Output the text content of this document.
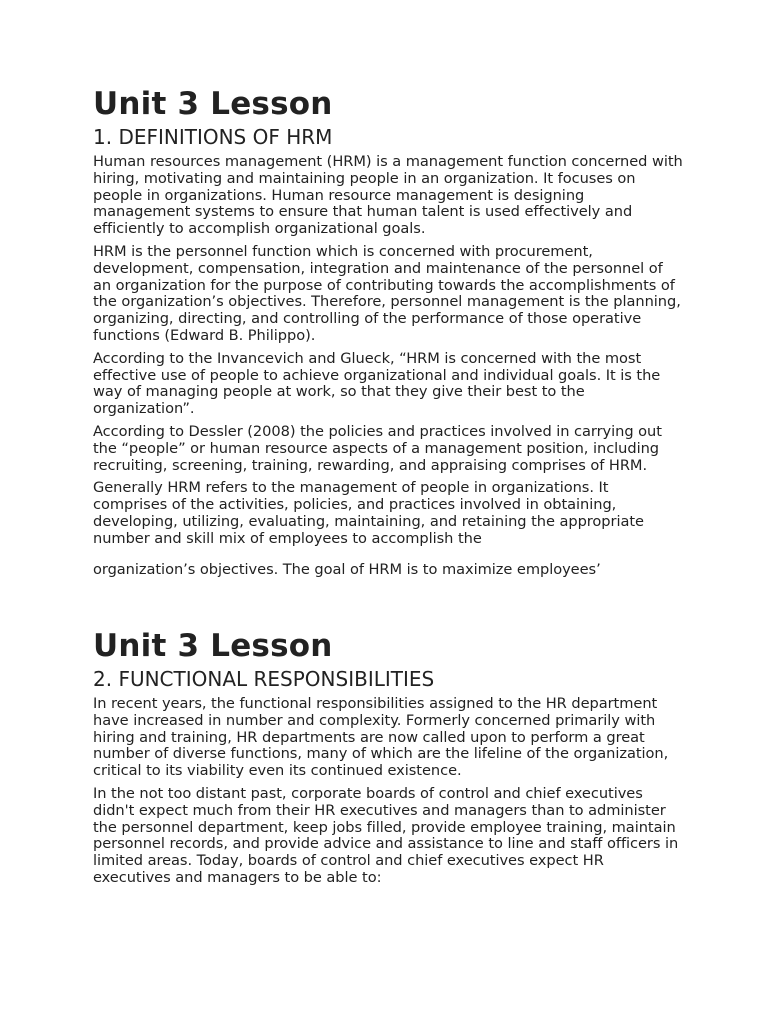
Unit 3 Lesson
1. DEFINITIONS OF HRM

Human resources management (HRM) is a management function concerned with hiring, motivating and maintaining people in an organization. It focuses on people in organizations. Human resource management is designing management systems to ensure that human talent is used effectively and efficiently to accomplish organizational goals.

HRM is the personnel function which is concerned with procurement, development, compensation, integration and maintenance of the personnel of an organization for the purpose of contributing towards the accomplishments of the organization’s objectives. Therefore, personnel management is the planning, organizing, directing, and controlling of the performance of those operative functions (Edward B. Philippo).

According to the Invancevich and Glueck, “HRM is concerned with the most effective use of people to achieve organizational and individual goals. It is the way of managing people at work, so that they give their best to the organization”.

According to Dessler (2008) the policies and practices involved in carrying out the “people” or human resource aspects of a management position, including recruiting, screening, training, rewarding, and appraising comprises of HRM.

Generally HRM refers to the management of people in organizations. It comprises of the activities, policies, and practices involved in obtaining, developing, utilizing, evaluating, maintaining, and retaining the appropriate number and skill mix of employees to accomplish the

organization’s objectives. The goal of HRM is to maximize employees’

Unit 3 Lesson
2. FUNCTIONAL RESPONSIBILITIES

In recent years, the functional responsibilities assigned to the HR department have increased in number and complexity. Formerly concerned primarily with hiring and training, HR departments are now called upon to perform a great number of diverse functions, many of which are the lifeline of the organization, critical to its viability even its continued existence.

In the not too distant past, corporate boards of control and chief executives didn't expect much from their HR executives and managers than to administer the personnel department, keep jobs filled, provide employee training, maintain personnel records, and provide advice and assistance to line and staff officers in limited areas. Today, boards of control and chief executives expect HR executives and managers to be able to:
